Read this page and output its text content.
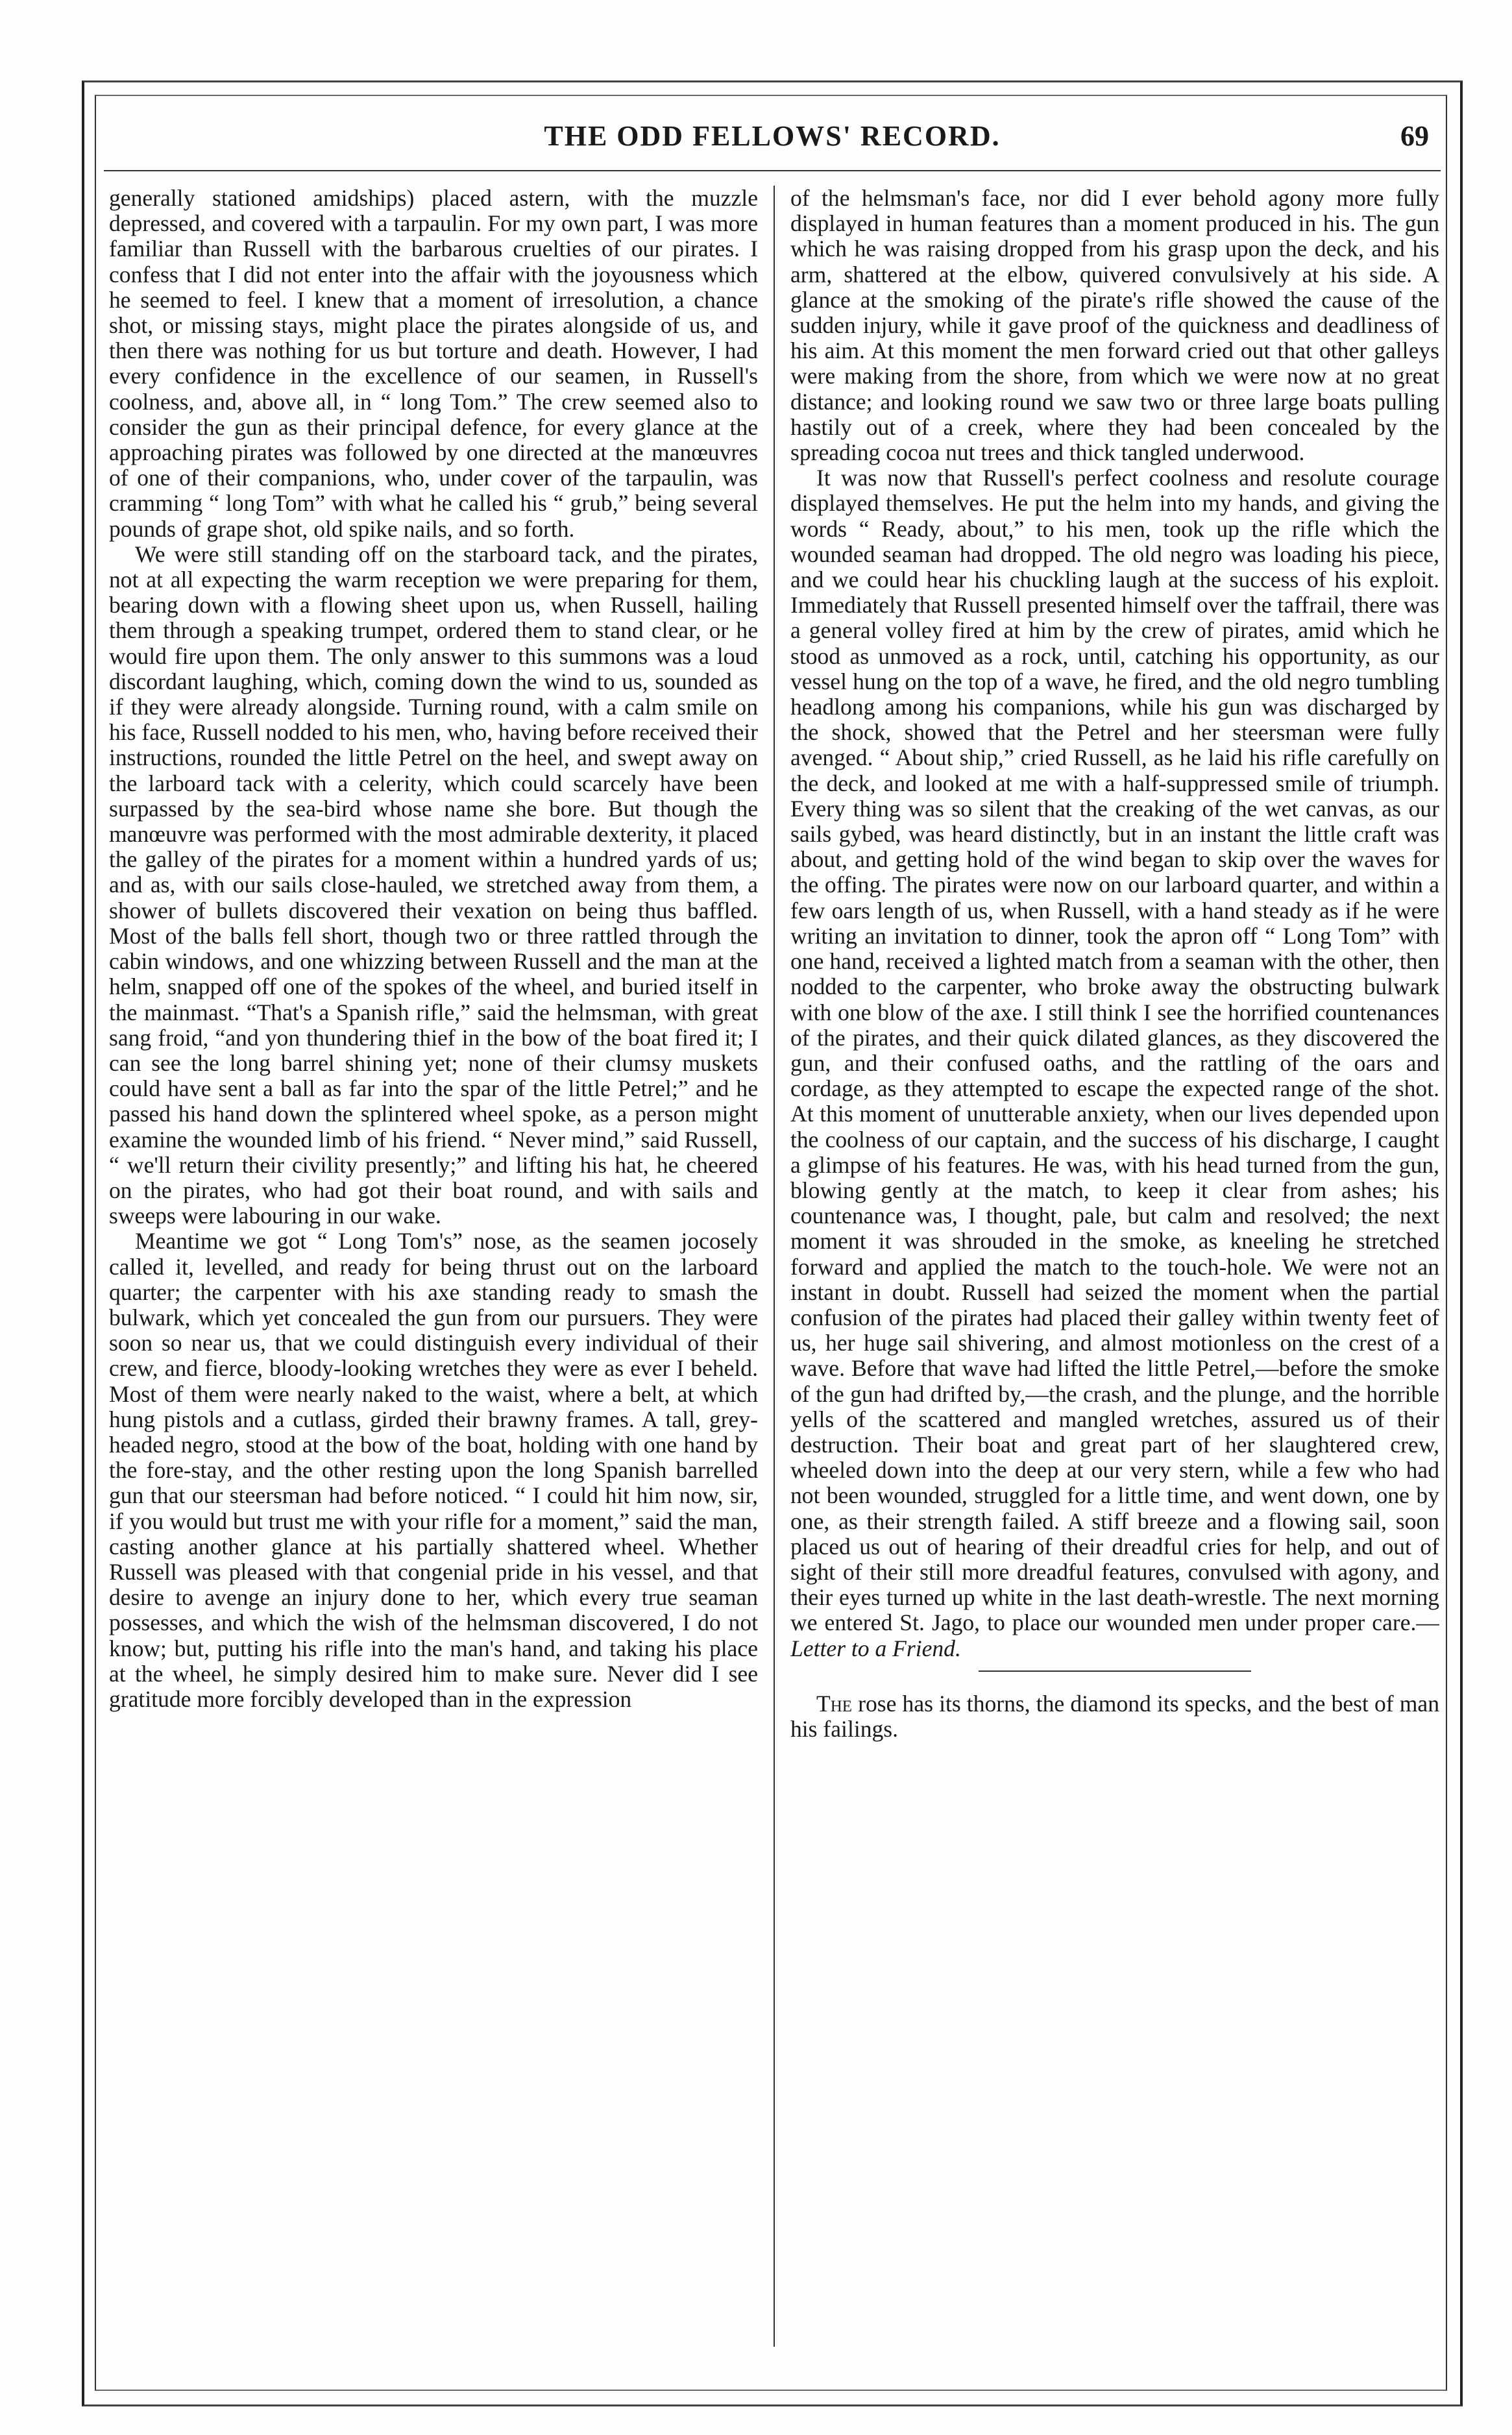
THE ODD FELLOWS' RECORD.	69

generally stationed amidships) placed astern, with the muzzle depressed, and covered with a tarpaulin. For my own part, I was more familiar than Russell with the barbarous cruelties of our pirates. I confess that I did not enter into the affair with the joyousness which he seemed to feel. I knew that a moment of irresolution, a chance shot, or missing stays, might place the pirates alongside of us, and then there was nothing for us but torture and death. However, I had every confidence in the excellence of our seamen, in Russell's coolness, and, above all, in “ long Tom.” The crew seemed also to consider the gun as their principal defence, for every glance at the approaching pirates was followed by one directed at the manœuvres of one of their companions, who, under cover of the tarpaulin, was cramming “ long Tom” with what he called his “ grub,” being several pounds of grape shot, old spike nails, and so forth.

We were still standing off on the starboard tack, and the pirates, not at all expecting the warm reception we were preparing for them, bearing down with a flowing sheet upon us, when Russell, hailing them through a speaking trumpet, ordered them to stand clear, or he would fire upon them. The only answer to this summons was a loud discordant laughing, which, coming down the wind to us, sounded as if they were already alongside. Turning round, with a calm smile on his face, Russell nodded to his men, who, having before received their instructions, rounded the little Petrel on the heel, and swept away on the larboard tack with a celerity, which could scarcely have been surpassed by the sea-bird whose name she bore. But though the manœuvre was performed with the most admirable dexterity, it placed the galley of the pirates for a moment within a hundred yards of us; and as, with our sails close-hauled, we stretched away from them, a shower of bullets discovered their vexation on being thus baffled. Most of the balls fell short, though two or three rattled through the cabin windows, and one whizzing between Russell and the man at the helm, snapped off one of the spokes of the wheel, and buried itself in the mainmast. “That's a Spanish rifle,” said the helmsman, with great sang froid, “and yon thundering thief in the bow of the boat fired it; I can see the long barrel shining yet; none of their clumsy muskets could have sent a ball as far into the spar of the little Petrel;” and he passed his hand down the splintered wheel spoke, as a person might examine the wounded limb of his friend. “ Never mind,” said Russell, “ we'll return their civility presently;” and lifting his hat, he cheered on the pirates, who had got their boat round, and with sails and sweeps were labouring in our wake.

Meantime we got “ Long Tom's” nose, as the seamen jocosely called it, levelled, and ready for being thrust out on the larboard quarter; the carpenter with his axe standing ready to smash the bulwark, which yet concealed the gun from our pursuers. They were soon so near us, that we could distinguish every individual of their crew, and fierce, bloody-looking wretches they were as ever I beheld. Most of them were nearly naked to the waist, where a belt, at which hung pistols and a cutlass, girded their brawny frames. A tall, grey-headed negro, stood at the bow of the boat, holding with one hand by the fore-stay, and the other resting upon the long Spanish barrelled gun that our steersman had before noticed. “ I could hit him now, sir, if you would but trust me with your rifle for a moment,” said the man, casting another glance at his partially shattered wheel. Whether Russell was pleased with that congenial pride in his vessel, and that desire to avenge an injury done to her, which every true seaman possesses, and which the wish of the helmsman discovered, I do not know; but, putting his rifle into the man's hand, and taking his place at the wheel, he simply desired him to make sure. Never did I see gratitude more forcibly developed than in the expression

of the helmsman's face, nor did I ever behold agony more fully displayed in human features than a moment produced in his. The gun which he was raising dropped from his grasp upon the deck, and his arm, shattered at the elbow, quivered convulsively at his side. A glance at the smoking of the pirate's rifle showed the cause of the sudden injury, while it gave proof of the quickness and deadliness of his aim. At this moment the men forward cried out that other galleys were making from the shore, from which we were now at no great distance; and looking round we saw two or three large boats pulling hastily out of a creek, where they had been concealed by the spreading cocoa nut trees and thick tangled underwood.

It was now that Russell's perfect coolness and resolute courage displayed themselves. He put the helm into my hands, and giving the words “ Ready, about,” to his men, took up the rifle which the wounded seaman had dropped. The old negro was loading his piece, and we could hear his chuckling laugh at the success of his exploit. Immediately that Russell presented himself over the taffrail, there was a general volley fired at him by the crew of pirates, amid which he stood as unmoved as a rock, until, catching his opportunity, as our vessel hung on the top of a wave, he fired, and the old negro tumbling headlong among his companions, while his gun was discharged by the shock, showed that the Petrel and her steersman were fully avenged. “ About ship,” cried Russell, as he laid his rifle carefully on the deck, and looked at me with a half-suppressed smile of triumph. Every thing was so silent that the creaking of the wet canvas, as our sails gybed, was heard distinctly, but in an instant the little craft was about, and getting hold of the wind began to skip over the waves for the offing. The pirates were now on our larboard quarter, and within a few oars length of us, when Russell, with a hand steady as if he were writing an invitation to dinner, took the apron off “ Long Tom” with one hand, received a lighted match from a seaman with the other, then nodded to the carpenter, who broke away the obstructing bulwark with one blow of the axe. I still think I see the horrified countenances of the pirates, and their quick dilated glances, as they discovered the gun, and their confused oaths, and the rattling of the oars and cordage, as they attempted to escape the expected range of the shot. At this moment of unutterable anxiety, when our lives depended upon the coolness of our captain, and the success of his discharge, I caught a glimpse of his features. He was, with his head turned from the gun, blowing gently at the match, to keep it clear from ashes; his countenance was, I thought, pale, but calm and resolved; the next moment it was shrouded in the smoke, as kneeling he stretched forward and applied the match to the touch-hole. We were not an instant in doubt. Russell had seized the moment when the partial confusion of the pirates had placed their galley within twenty feet of us, her huge sail shivering, and almost motionless on the crest of a wave. Before that wave had lifted the little Petrel,—before the smoke of the gun had drifted by,—the crash, and the plunge, and the horrible yells of the scattered and mangled wretches, assured us of their destruction. Their boat and great part of her slaughtered crew, wheeled down into the deep at our very stern, while a few who had not been wounded, struggled for a little time, and went down, one by one, as their strength failed. A stiff breeze and a flowing sail, soon placed us out of hearing of their dreadful cries for help, and out of sight of their still more dreadful features, convulsed with agony, and their eyes turned up white in the last death-wrestle. The next morning we entered St. Jago, to place our wounded men under proper care.—Letter to a Friend.

The rose has its thorns, the diamond its specks, and the best of man his failings.
